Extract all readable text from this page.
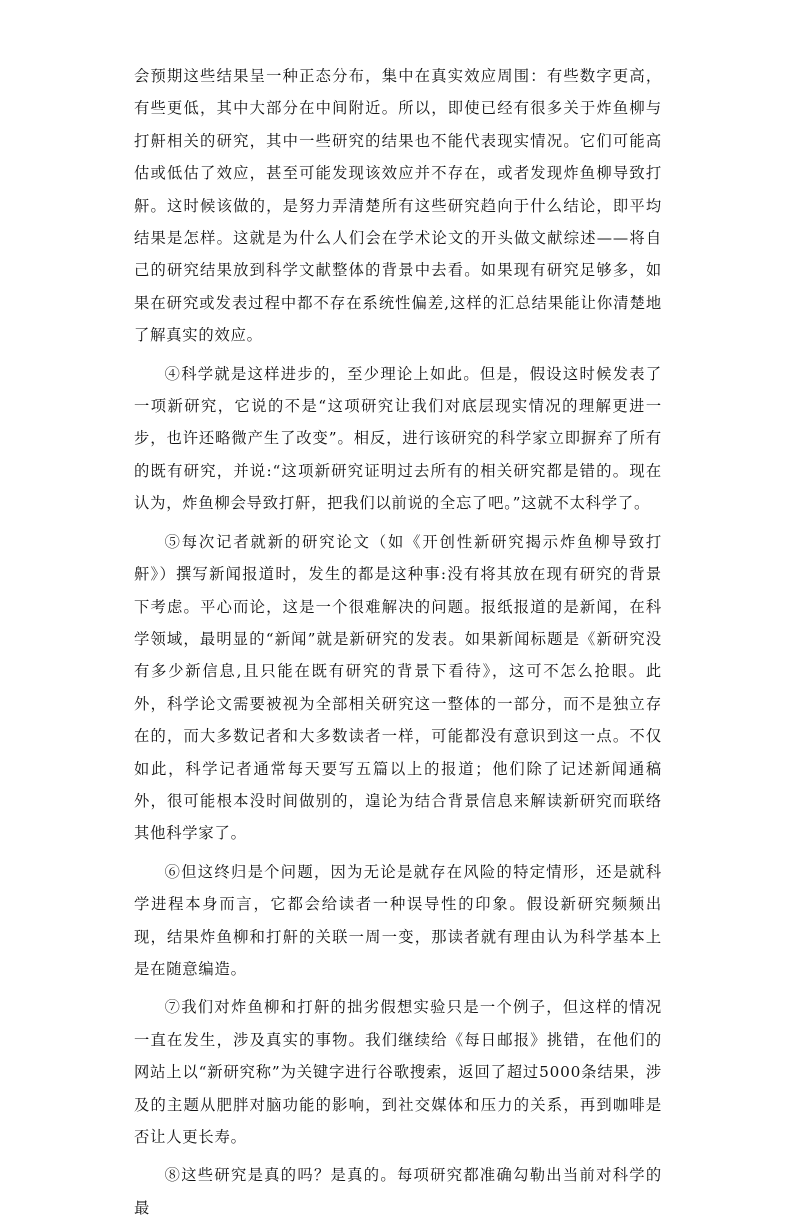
会预期这些结果呈一种正态分布，集中在真实效应周围：有些数字更高，有些更低，其中大部分在中间附近。所以，即使已经有很多关于炸鱼柳与打鼾相关的研究，其中一些研究的结果也不能代表现实情况。它们可能高估或低估了效应，甚至可能发现该效应并不存在，或者发现炸鱼柳导致打鼾。这时候该做的，是努力弄清楚所有这些研究趋向于什么结论，即平均结果是怎样。这就是为什么人们会在学术论文的开头做文献综述——将自己的研究结果放到科学文献整体的背景中去看。如果现有研究足够多，如果在研究或发表过程中都不存在系统性偏差,这样的汇总结果能让你清楚地了解真实的效应。

④科学就是这样进步的，至少理论上如此。但是，假设这时候发表了一项新研究，它说的不是“这项研究让我们对底层现实情况的理解更进一步，也许还略微产生了改变”。相反，进行该研究的科学家立即摒弃了所有的既有研究，并说:“这项新研究证明过去所有的相关研究都是错的。现在认为，炸鱼柳会导致打鼾，把我们以前说的全忘了吧。”这就不太科学了。

⑤每次记者就新的研究论文（如《开创性新研究揭示炸鱼柳导致打鼾》）撰写新闻报道时，发生的都是这种事:没有将其放在现有研究的背景下考虑。平心而论，这是一个很难解决的问题。报纸报道的是新闻，在科学领域，最明显的“新闻”就是新研究的发表。如果新闻标题是《新研究没有多少新信息,且只能在既有研究的背景下看待》，这可不怎么抢眼。此外，科学论文需要被视为全部相关研究这一整体的一部分，而不是独立存在的，而大多数记者和大多数读者一样，可能都没有意识到这一点。不仅如此，科学记者通常每天要写五篇以上的报道；他们除了记述新闻通稿外，很可能根本没时间做别的，遑论为结合背景信息来解读新研究而联络其他科学家了。

⑥但这终归是个问题，因为无论是就存在风险的特定情形，还是就科学进程本身而言，它都会给读者一种误导性的印象。假设新研究频频出现，结果炸鱼柳和打鼾的关联一周一变，那读者就有理由认为科学基本上是在随意编造。

⑦我们对炸鱼柳和打鼾的拙劣假想实验只是一个例子，但这样的情况一直在发生，涉及真实的事物。我们继续给《每日邮报》挑错，在他们的网站上以“新研究称”为关键字进行谷歌搜索，返回了超过5000条结果，涉及的主题从肥胖对脑功能的影响，到社交媒体和压力的关系，再到咖啡是否让人更长寿。

⑧这些研究是真的吗？是真的。每项研究都准确勾勒出当前对科学的最
